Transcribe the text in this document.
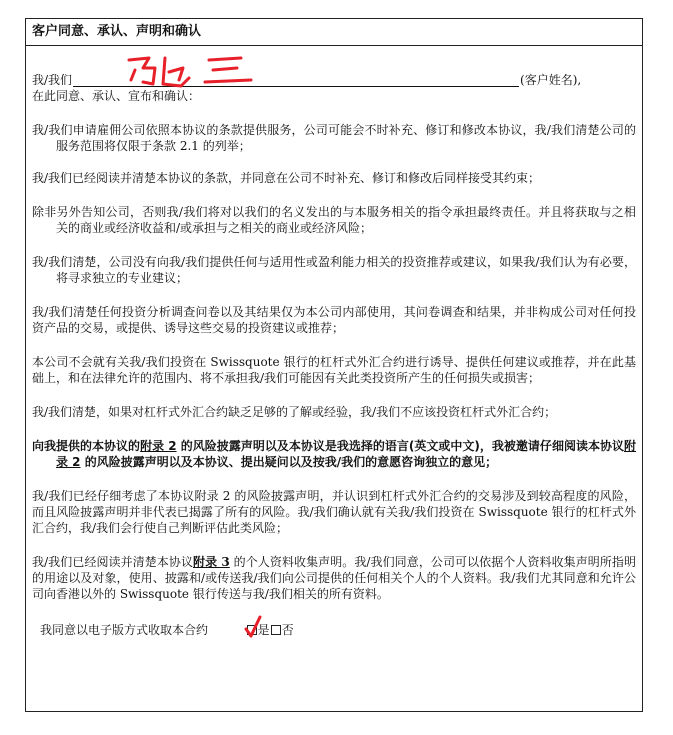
客户同意、承认、声明和确认

我/我们	(客户姓名),

在此同意、承认、宣布和确认：

我/我们申请雇佣公司依照本协议的条款提供服务，公司可能会不时补充、修订和修改本协议，我/我们清楚公司的服务范围将仅限于条款 2.1 的列举；

我/我们已经阅读并清楚本协议的条款，并同意在公司不时补充、修订和修改后同样接受其约束；

除非另外告知公司，否则我/我们将对以我们的名义发出的与本服务相关的指令承担最终责任。并且将获取与之相关的商业或经济收益和/或承担与之相关的商业或经济风险；

我/我们清楚，公司没有向我/我们提供任何与适用性或盈利能力相关的投资推荐或建议，如果我/我们认为有必要，将寻求独立的专业建议；

我/我们清楚任何投资分析调查问卷以及其结果仅为本公司内部使用，其问卷调查和结果，并非构成公司对任何投资产品的交易，或提供、诱导这些交易的投资建议或推荐；

本公司不会就有关我/我们投资在 Swissquote 银行的杠杆式外汇合约进行诱导、提供任何建议或推荐，并在此基础上，和在法律允许的范围内、将不承担我/我们可能因有关此类投资所产生的任何损失或损害；

我/我们清楚，如果对杠杆式外汇合约缺乏足够的了解或经验，我/我们不应该投资杠杆式外汇合约；

向我提供的本协议的附录 2 的风险披露声明以及本协议是我选择的语言(英文或中文)，我被邀请仔细阅读本协议附录 2 的风险披露声明以及本协议、提出疑问以及按我/我们的意愿咨询独立的意见；

我/我们已经仔细考虑了本协议附录 2 的风险披露声明，并认识到杠杆式外汇合约的交易涉及到较高程度的风险，而且风险披露声明并非代表已揭露了所有的风险。我/我们确认就有关我/我们投资在 Swissquote 银行的杠杆式外汇合约，我/我们会行使自己判断评估此类风险；

我/我们已经阅读并清楚本协议附录 3 的个人资料收集声明。我/我们同意，公司可以依据个人资料收集声明所指明的用途以及对象，使用、披露和/或传送我/我们向公司提供的任何相关个人的个人资料。我/我们尤其同意和允许公司向香港以外的 Swissquote 银行传送与我/我们相关的所有资料。

我同意以电子版方式收取本合约	是 否
